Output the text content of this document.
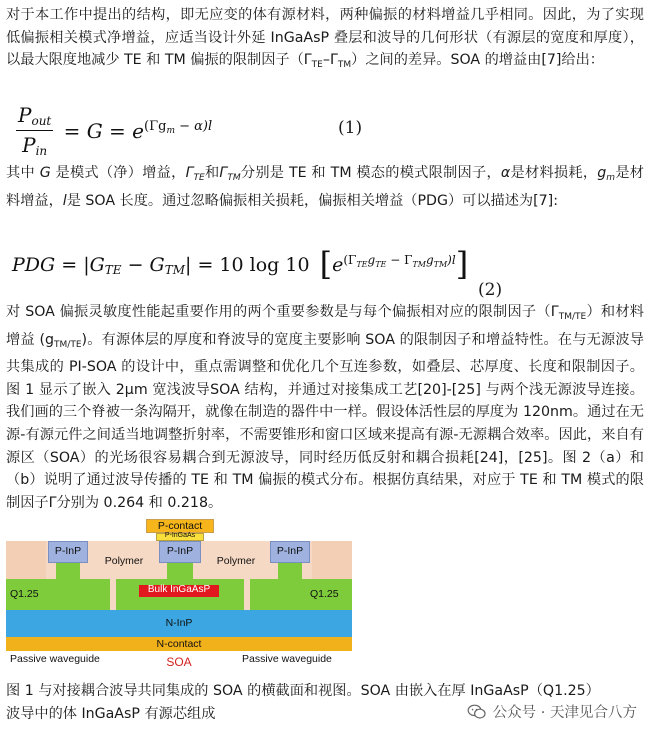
对于本工作中提出的结构，即无应变的体有源材料，两种偏振的材料增益几乎相同。因此，为了实现低偏振相关模式净增益，应适当设计外延 InGaAsP 叠层和波导的几何形状（有源层的宽度和厚度），以最大限度地减少 TE 和 TM 偏振的限制因子$(\Gamma_{TE}-\Gamma_{TM})$之间的差异。SOA 的增益由[7]给出：

$\frac{P_{out}}{P_{in}} = G = e^{(\Gamma g_m - \alpha)l}$	(1)

其中 G 是模式（净）增益，$\Gamma_{TE}$和$\Gamma_{TM}$分别是 TE 和 TM 模态的模式限制因子，α是材料损耗，$g_m$是材料增益，l是 SOA 长度。通过忽略偏振相关损耗，偏振相关增益（PDG）可以描述为[7]:

PDG = $|G_{TE} - G_{TM}| = 10$ log 10 $[e^{(\Gamma_{TE}g_{TE} - \Gamma_{TM}g_{TM})l}]$
(2)

对 SOA 偏振灵敏度性能起重要作用的两个重要参数是与每个偏振相对应的限制因子$(\Gamma_{TM/TE})$和材料增益 $(g_{TM/TE})$。有源体层的厚度和脊波导的宽度主要影响 SOA 的限制因子和增益特性。在与无源波导共集成的 PI-SOA 的设计中，重点需调整和优化几个互连参数，如叠层、芯厚度、长度和限制因子。图 1 显示了嵌入 2μm 宽浅波导SOA 结构，并通过对接集成工艺[20]-[25] 与两个浅无源波导连接。我们画的三个脊被一条沟隔开，就像在制造的器件中一样。假设体活性层的厚度为 120nm。通过在无源-有源元件之间适当地调整折射率，不需要锥形和窗口区域来提高有源-无源耦合效率。因此，来自有源区（SOA）的光场很容易耦合到无源波导，同时经历低反射和耦合损耗[24]，[25]。图 2（a）和（b）说明了通过波导传播的 TE 和 TM 偏振的模式分布。根据仿真结果，对应于 TE 和 TM 模式的限制因子Γ分别为 0.264 和 0.218。

P-contact
P-InGaAs
P-InP	P-InP	P-InP
Polymer	Polymer
Q1.25	Q1.25
Bulk InGaAsP
N-InP
N-contact
Passive waveguide	Passive waveguide
SOA
图 1 与对接耦合波导共同集成的 SOA 的横截面和视图。SOA 由嵌入在厚 InGaAsP（Q1.25）
波导中的体 InGaAsP 有源芯组成	公众号 · 天津见合八方
